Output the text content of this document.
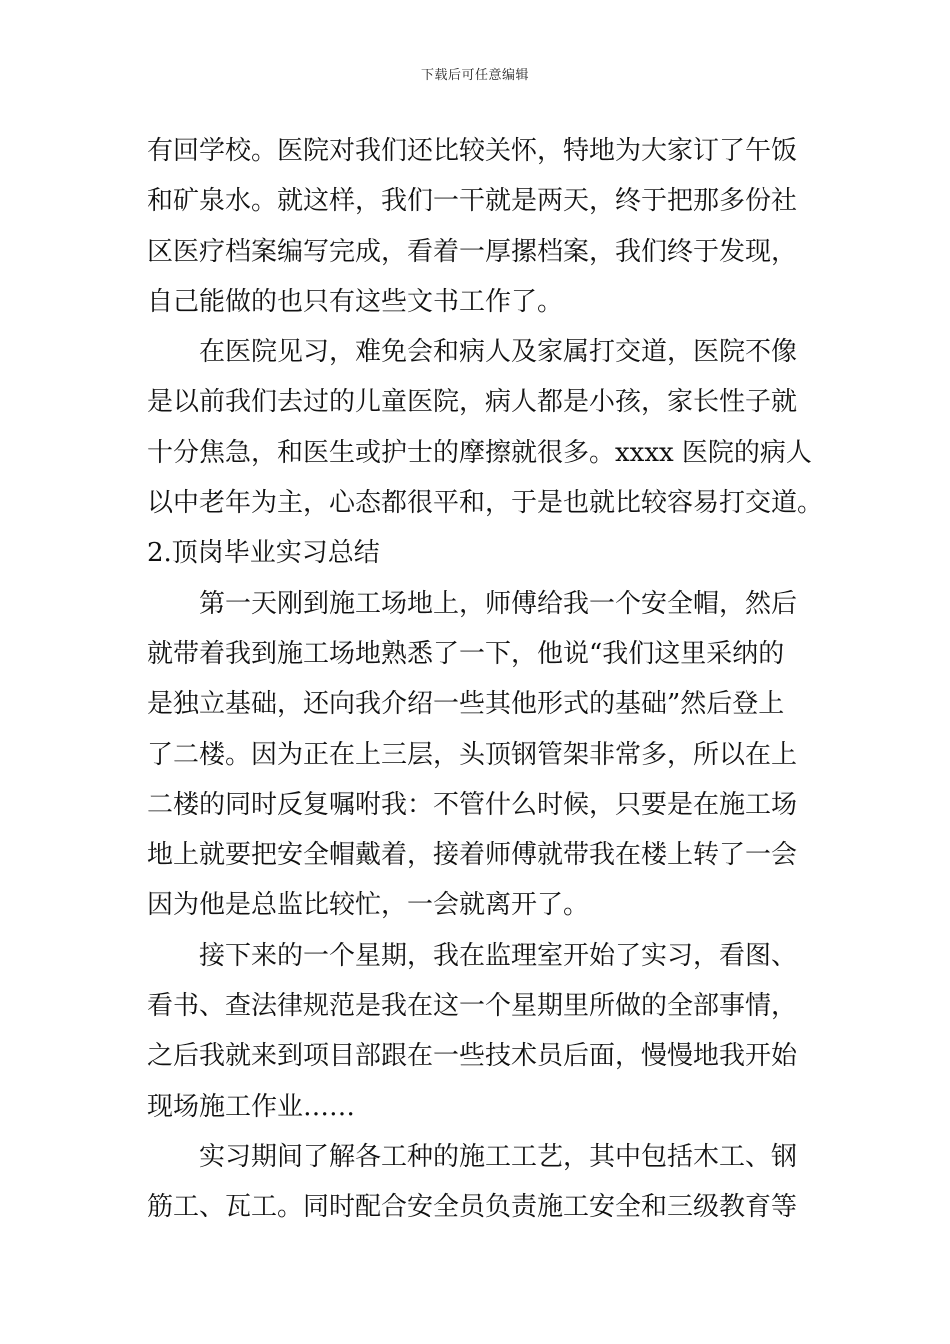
下载后可任意编辑
有回学校。医院对我们还比较关怀，特地为大家订了午饭
和矿泉水。就这样，我们一干就是两天，终于把那多份社
区医疗档案编写完成，看着一厚摞档案，我们终于发现，
自己能做的也只有这些文书工作了。
在医院见习，难免会和病人及家属打交道，医院不像
是以前我们去过的儿童医院，病人都是小孩，家长性子就
十分焦急，和医生或护士的摩擦就很多。xxxx 医院的病人
以中老年为主，心态都很平和，于是也就比较容易打交道。
2.顶岗毕业实习总结
第一天刚到施工场地上，师傅给我一个安全帽，然后
就带着我到施工场地熟悉了一下，他说“我们这里采纳的
是独立基础，还向我介绍一些其他形式的基础”然后登上
了二楼。因为正在上三层，头顶钢管架非常多，所以在上
二楼的同时反复嘱咐我：不管什么时候，只要是在施工场
地上就要把安全帽戴着，接着师傅就带我在楼上转了一会
因为他是总监比较忙，一会就离开了。
接下来的一个星期，我在监理室开始了实习，看图、
看书、查法律规范是我在这一个星期里所做的全部事情，
之后我就来到项目部跟在一些技术员后面，慢慢地我开始
现场施工作业……
实习期间了解各工种的施工工艺，其中包括木工、钢
筋工、瓦工。同时配合安全员负责施工安全和三级教育等
